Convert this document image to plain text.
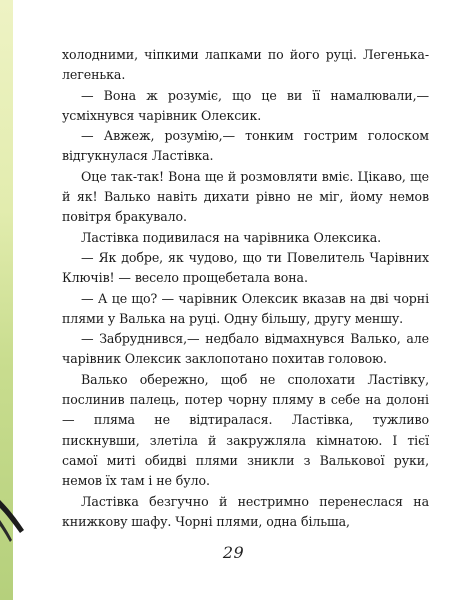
холодними, чіпкими лапками по його руці. Легенька-легенька.

— Вона ж розуміє, що це ви її намалювали,— усміхнувся чарівник Олексик.

— Авжеж, розумію,— тонким гострим голоском відгукнулася Ластівка.

Оце так-так! Вона ще й розмовляти вміє. Цікаво, ще й як! Валько навіть дихати рівно не міг, йому немов повітря бракувало.

Ластівка подивилася на чарівника Олексика.

— Як добре, як чудово, що ти Повелитель Чарівних Ключів! — весело прощебетала вона.

— А це що? — чарівник Олексик вказав на дві чорні плями у Валька на руці. Одну більшу, другу меншу.

— Забруднився,— недбало відмахнувся Валько, але чарівник Олексик заклопотано похитав головою.

Валько обережно, щоб не сполохати Ластівку, послинив палець, потер чорну пляму в себе на долоні — пляма не відтиралася. Ластівка, тужливо пискнувши, злетіла й закружляла кімнатою. І тієї самої миті обидві плями зникли з Валькової руки, немов їх там і не було.

Ластівка безгучно й нестримно перенеслася на книжкову шафу. Чорні плями, одна більша,

29
